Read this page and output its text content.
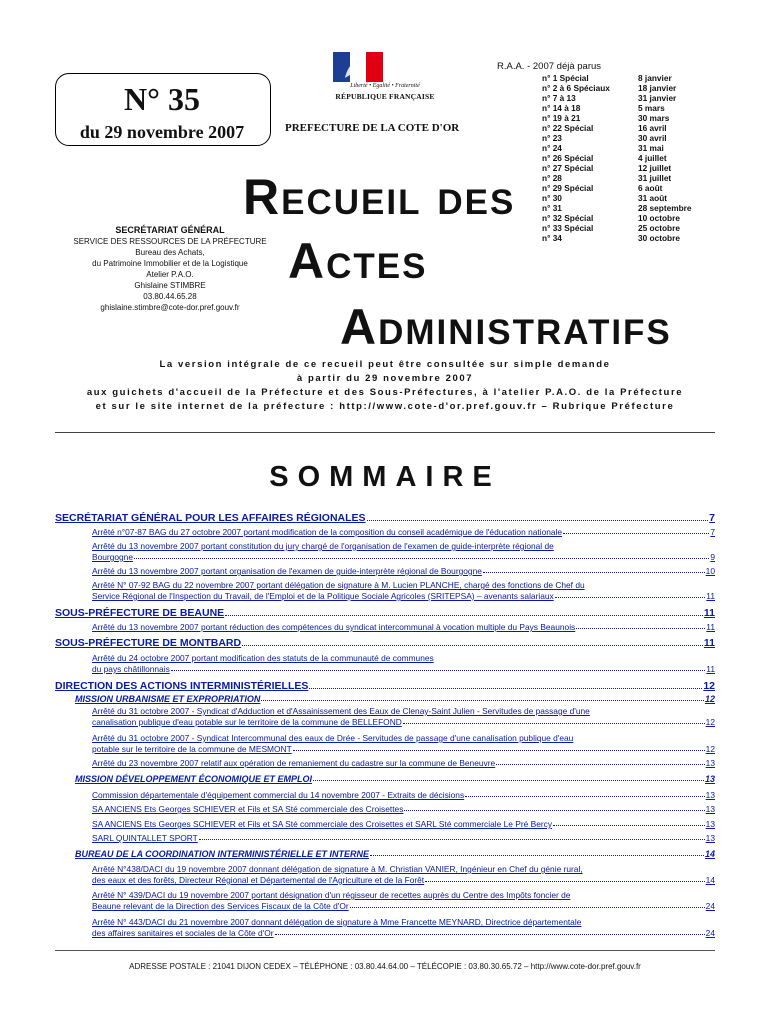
Liberté • Égalité • Fraternité
RÉPUBLIQUE FRANÇAISE
N° 35
du 29 novembre 2007	PREFECTURE DE LA COTE D'OR
R.A.A. - 2007 déjà parus
n° 1 Spécial	8 janvier
n° 2 à 6 Spéciaux	18 janvier
n° 7 à 13	31 janvier
n° 14 à 18	5 mars
n° 19 à 21	30 mars
n° 22 Spécial	16 avril
n° 23	30 avril
n° 24	31 mai
n° 26 Spécial	4 juillet
n° 27 Spécial	12 juillet
n° 28	31 juillet
n° 29 Spécial	6 août
n° 30	31 août
n° 31	28 septembre
n° 32 Spécial	10 octobre
n° 33 Spécial	25 octobre
n° 34	30 octobre
Recueil des
Actes
Administratifs
SECRÉTARIAT GÉNÉRAL
SERVICE DES RESSOURCES DE LA PRÉFECTURE
Bureau des Achats,
du Patrimoine Immobilier et de la Logistique
Atelier P.A.O.
Ghislaine STIMBRE
03.80.44.65.28
ghislaine.stimbre@cote-dor.pref.gouv.fr
La version intégrale de ce recueil peut être consultée sur simple demande
à partir du 29 novembre 2007
aux guichets d'accueil de la Préfecture et des Sous-Préfectures, à l'atelier P.A.O. de la Préfecture
et sur le site internet de la préfecture : http://www.cote-d'or.pref.gouv.fr – Rubrique Préfecture
SOMMAIRE
SECRÉTARIAT GÉNÉRAL POUR LES AFFAIRES RÉGIONALES	7
Arrêté n°07-87 BAG du 27 octobre 2007 portant modification de la composition du conseil académique de l'éducation nationale	7
Arrêté du 13 novembre 2007 portant constitution du jury chargé de l'organisation de l'examen de guide-interprète régional de
Bourgogne	9
Arrêté du 13 novembre 2007 portant organisation de l'examen de guide-interprète régional de Bourgogne	10
Arrêté N° 07-92 BAG du 22 novembre 2007 portant délégation de signature à M. Lucien PLANCHE, chargé des fonctions de Chef du
Service Régional de l'Inspection du Travail, de l'Emploi et de la Politique Sociale Agricoles (SRITEPSA) – avenants salariaux	11
SOUS-PRÉFECTURE DE BEAUNE	11
Arrêté du 13 novembre 2007 portant réduction des compétences du syndicat intercommunal à vocation multiple du Pays Beaunois	11
SOUS-PRÉFECTURE DE MONTBARD	11
Arrêté du 24 octobre 2007 portant modification des statuts de la communauté de communes
du pays châtillonnais	11
DIRECTION DES ACTIONS INTERMINISTÉRIELLES	12
MISSION URBANISME ET EXPROPRIATION	12
Arrêté du 31 octobre 2007 - Syndicat d'Adduction et d'Assainissement des Eaux de Clenay-Saint Julien - Servitudes de passage d'une
canalisation publique d'eau potable sur le territoire de la commune de BELLEFOND	12
Arrêté du 31 octobre 2007 - Syndicat Intercommunal des eaux de Drée - Servitudes de passage d'une canalisation publique d'eau
potable sur le territoire de la commune de MESMONT	12
Arrêté du 23 novembre 2007 relatif aux opération de remaniement du cadastre sur la commune de Beneuvre	13
MISSION DÉVELOPPEMENT ÉCONOMIQUE ET EMPLOI	13
Commission départementale d'équipement commercial du 14 novembre 2007 - Extraits de décisions	13
SA ANCIENS Ets Georges SCHIEVER et Fils et SA Sté commerciale des Croisettes	13
SA ANCIENS Ets Georges SCHIEVER et Fils et SA Sté commerciale des Croisettes et SARL Sté commerciale Le Pré Bercy	13
SARL QUINTALLET SPORT	13
BUREAU DE LA COORDINATION INTERMINISTÉRIELLE ET INTERNE	14
Arrêté N°438/DACI du 19 novembre 2007 donnant délégation de signature à M. Christian VANIER, Ingénieur en Chef du génie rural,
des eaux et des forêts, Directeur Régional et Départemental de l'Agriculture et de la Forêt	14
Arrêté N° 439/DACI du 19 novembre 2007 portant désignation d'un régisseur de recettes auprès du Centre des Impôts foncier de
Beaune relevant de la Direction des Services Fiscaux de la Côte d'Or	24
Arrêté N° 443/DACI du 21 novembre 2007 donnant délégation de signature à Mme Francette MEYNARD, Directrice départementale
des affaires sanitaires et sociales de la Côte d'Or	24
ADRESSE POSTALE : 21041 DIJON CEDEX – TÉLÉPHONE : 03.80.44.64.00 – TÉLÉCOPIE : 03.80.30.65.72 – http://www.cote-dor.pref.gouv.fr
